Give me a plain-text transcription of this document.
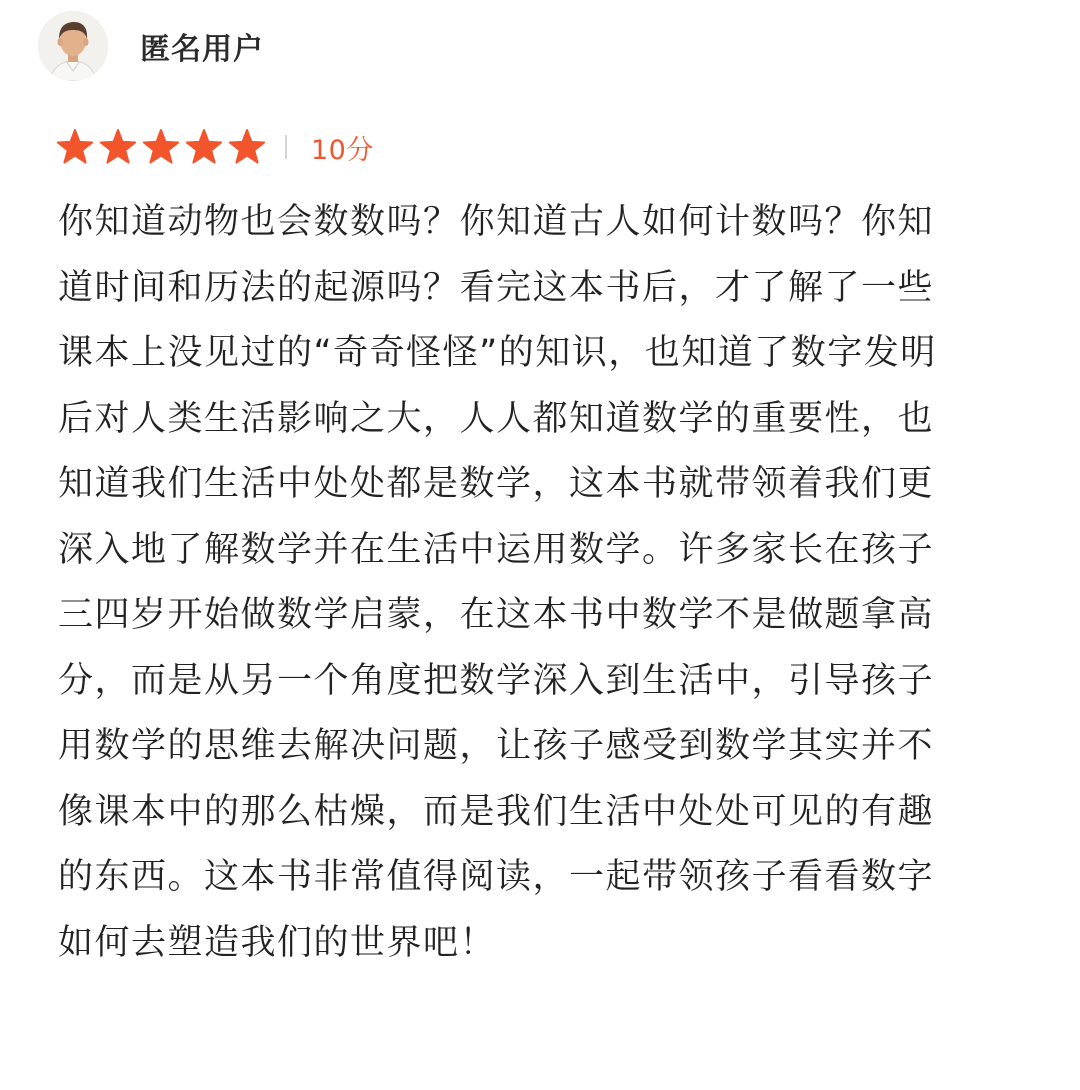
匿名用户
10分
你知道动物也会数数吗？你知道古人如何计数吗？你知
道时间和历法的起源吗？看完这本书后，才了解了一些
课本上没见过的“奇奇怪怪”的知识，也知道了数字发明
后对人类生活影响之大，人人都知道数学的重要性，也
知道我们生活中处处都是数学，这本书就带领着我们更
深入地了解数学并在生活中运用数学。许多家长在孩子
三四岁开始做数学启蒙，在这本书中数学不是做题拿高
分，而是从另一个角度把数学深入到生活中，引导孩子
用数学的思维去解决问题，让孩子感受到数学其实并不
像课本中的那么枯燥，而是我们生活中处处可见的有趣
的东西。这本书非常值得阅读，一起带领孩子看看数字
如何去塑造我们的世界吧！
